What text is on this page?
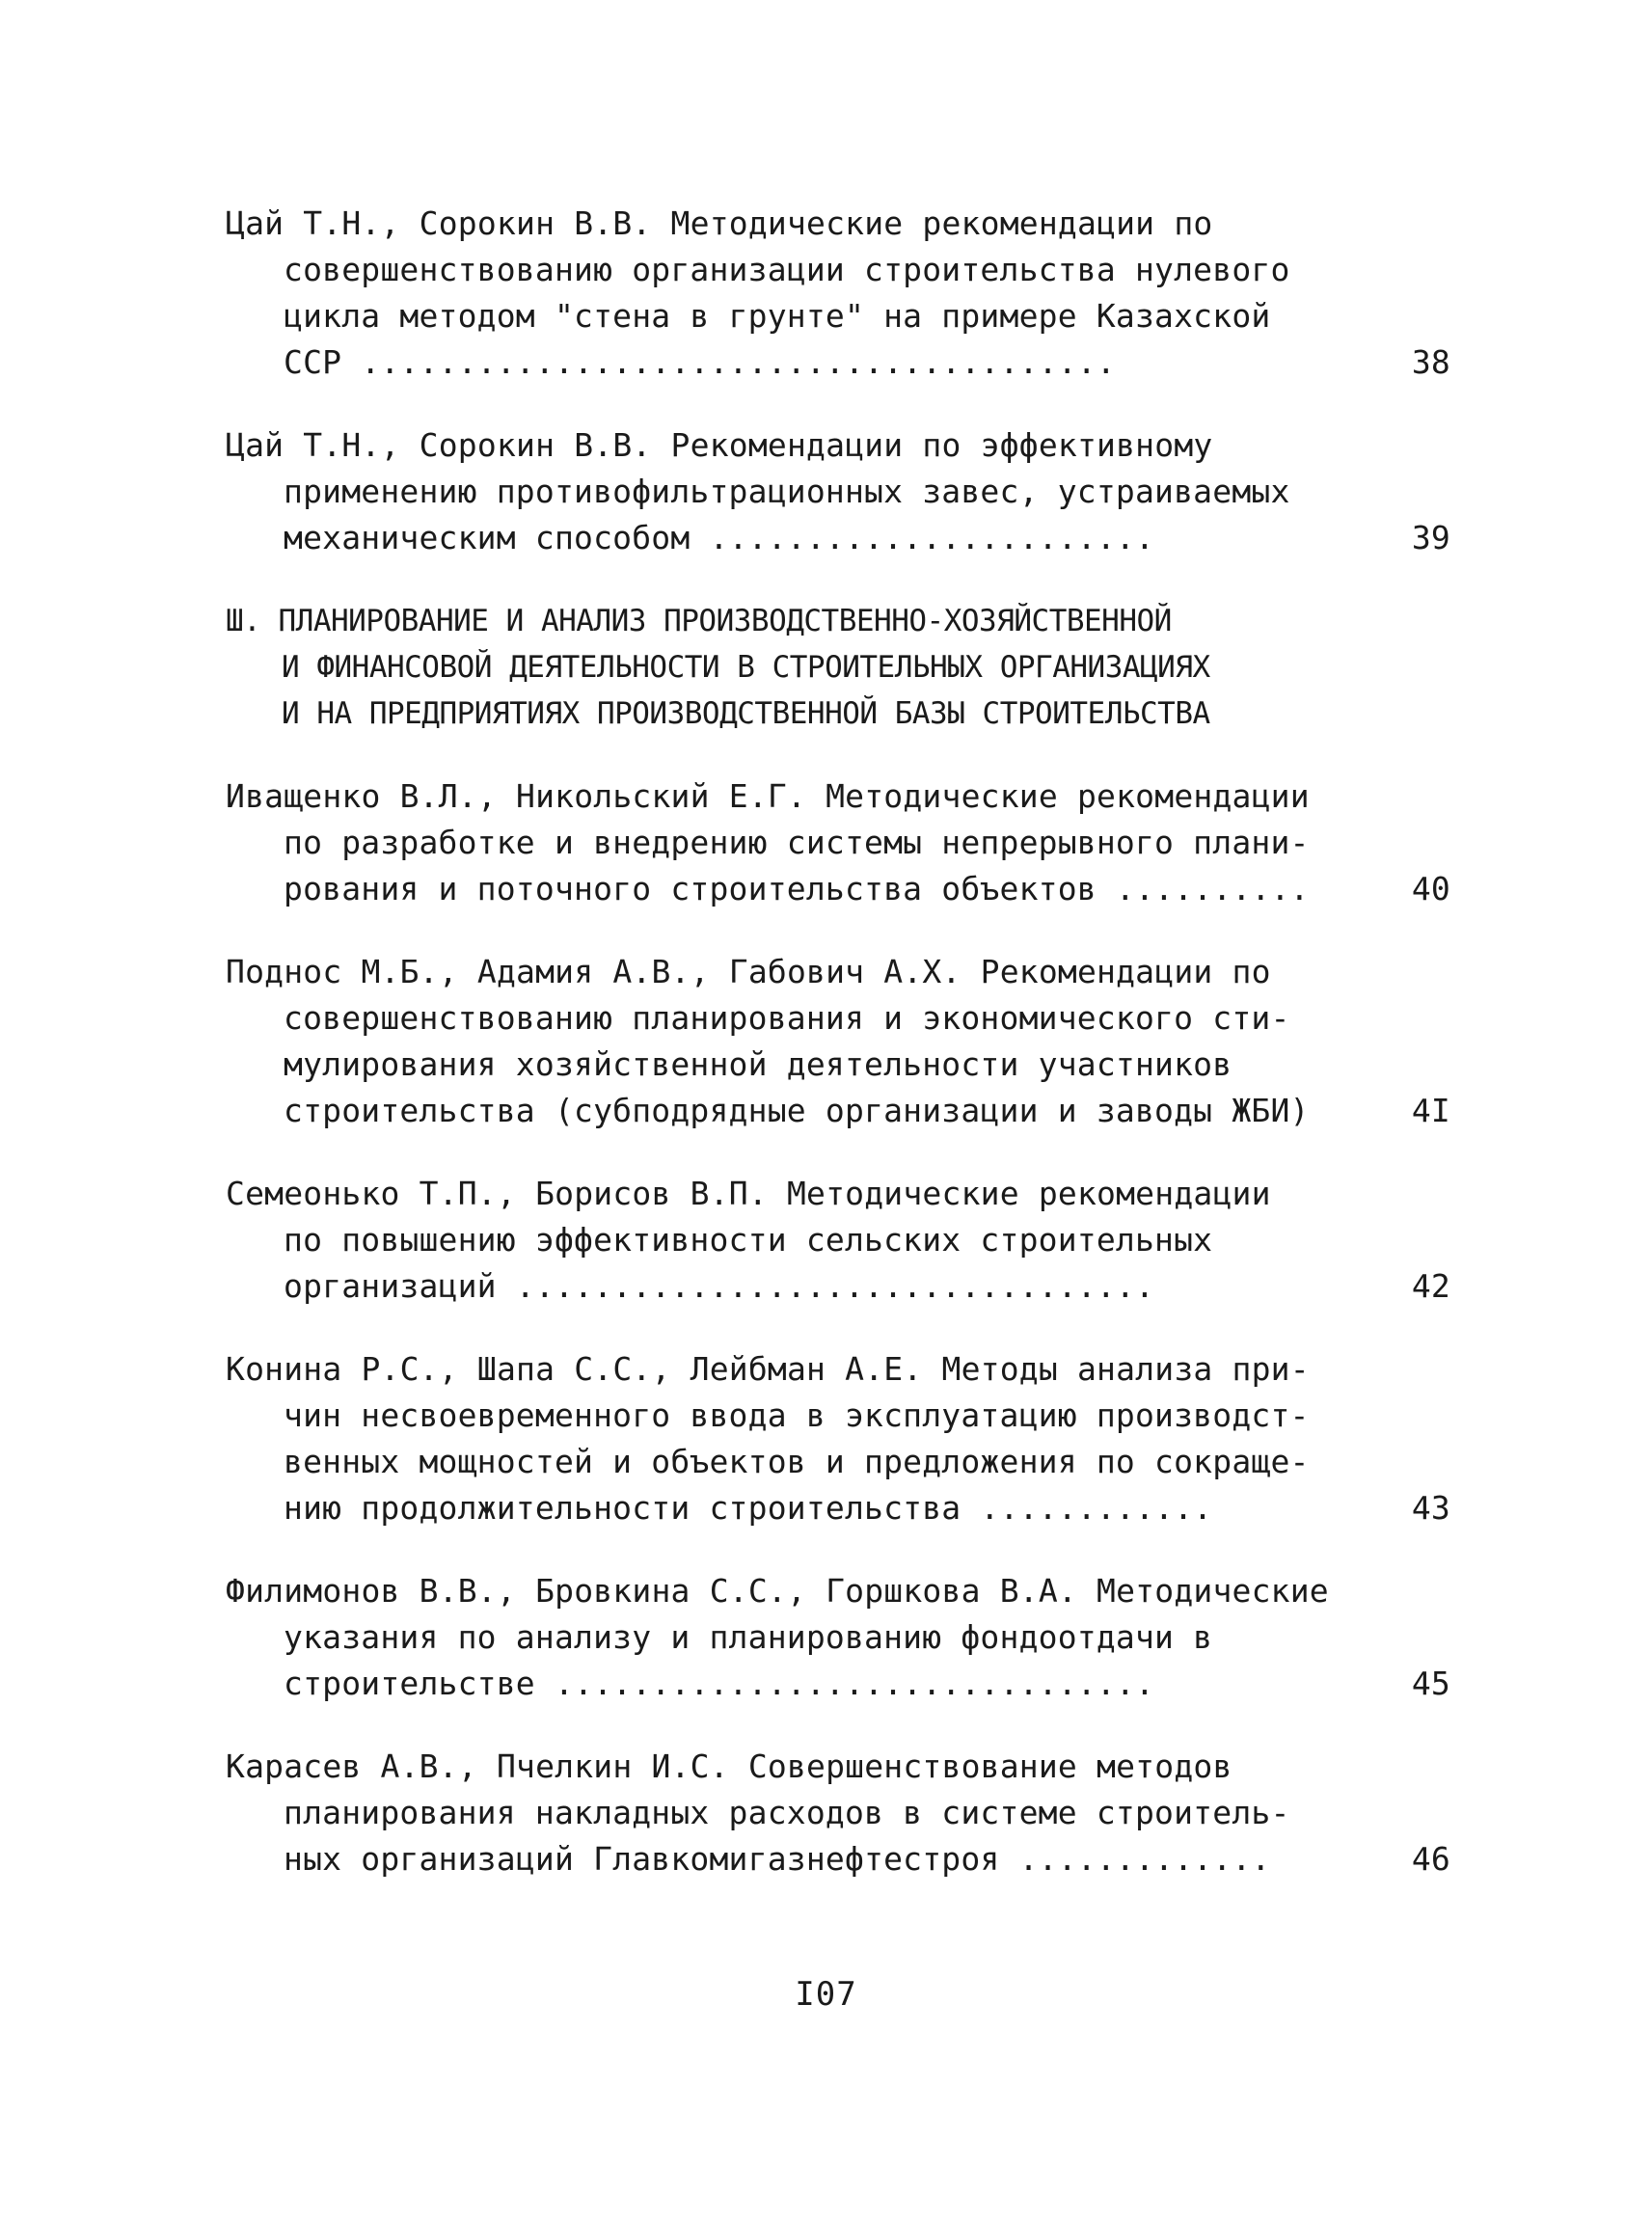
Цай Т.Н., Сорокин В.В. Методические рекомендации по
совершенствованию организации строительства нулевого
цикла методом "стена в грунте" на примере Казахской
ССР .......................................	38
Цай Т.Н., Сорокин В.В. Рекомендации по эффективному
применению противофильтрационных завес, устраиваемых
механическим способом .......................	39
Ш. ПЛАНИРОВАНИЕ И АНАЛИЗ ПРОИЗВОДСТВЕННО-ХОЗЯЙСТВЕННОЙ
И ФИНАНСОВОЙ ДЕЯТЕЛЬНОСТИ В СТРОИТЕЛЬНЫХ ОРГАНИЗАЦИЯХ
И НА ПРЕДПРИЯТИЯХ ПРОИЗВОДСТВЕННОЙ БАЗЫ СТРОИТЕЛЬСТВА
Иващенко В.Л., Никольский Е.Г. Методические рекомендации
по разработке и внедрению системы непрерывного плани-
рования и поточного строительства объектов ..........	40
Поднос М.Б., Адамия А.В., Габович А.Х. Рекомендации по
совершенствованию планирования и экономического сти-
мулирования хозяйственной деятельности участников
строительства (субподрядные организации и заводы ЖБИ)	4I
Семеонько Т.П., Борисов В.П. Методические рекомендации
по повышению эффективности сельских строительных
организаций .................................	42
Конина Р.С., Шапа С.С., Лейбман А.Е. Методы анализа при-
чин несвоевременного ввода в эксплуатацию производст-
венных мощностей и объектов и предложения по сокраще-
нию продолжительности строительства ............	43
Филимонов В.В., Бровкина С.С., Горшкова В.А. Методические
указания по анализу и планированию фондоотдачи в
строительстве ...............................	45
Карасев А.В., Пчелкин И.С. Совершенствование методов
планирования накладных расходов в системе строитель-
ных организаций Главкомигазнефтестроя .............	46
I07
